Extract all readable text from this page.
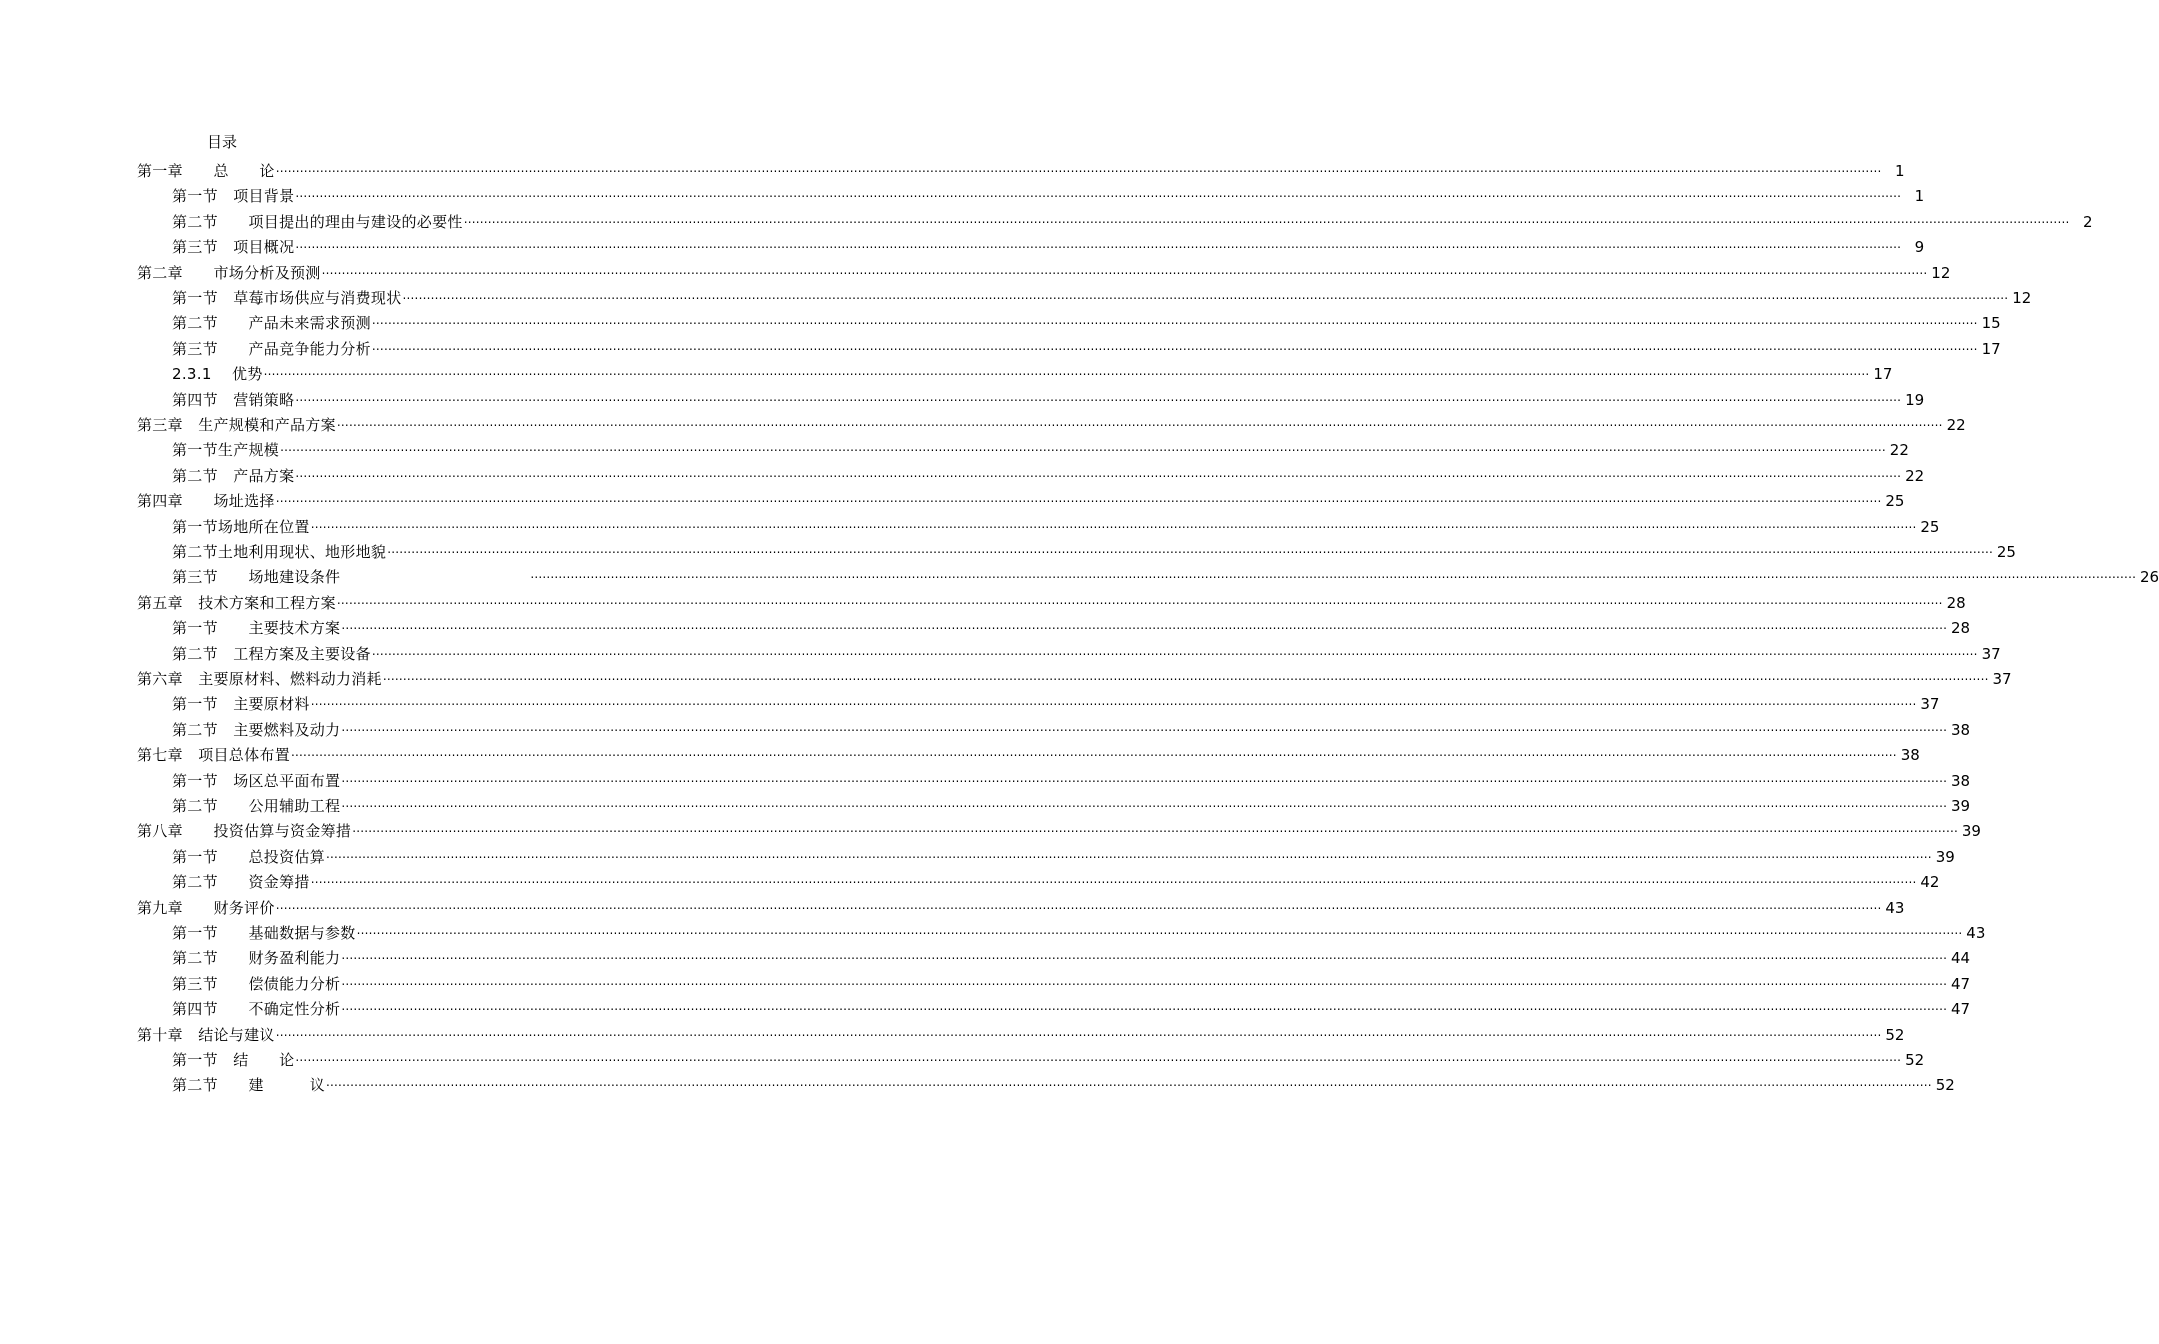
目录
第一章　　总　　论 ................................................................................................................................................................................................................................................................................................................................................................................................................ 1
第一节　项目背景 ................................................................................................................................................................................................................................................................................................................................................................................................................ 1
第二节　　项目提出的理由与建设的必要性 ................................................................................................................................................................................................................................................................................................................................................................................................................ 2
第三节　项目概况 ................................................................................................................................................................................................................................................................................................................................................................................................................ 9
第二章　　市场分析及预测 ................................................................................................................................................................................................................................................................................................................................................................................................................ 12
第一节　草莓市场供应与消费现状 ................................................................................................................................................................................................................................................................................................................................................................................................................ 12
第二节　　产品未来需求预测 ................................................................................................................................................................................................................................................................................................................................................................................................................ 15
第三节　　产品竞争能力分析 ................................................................................................................................................................................................................................................................................................................................................................................................................ 17
2.3.1　 优势 ................................................................................................................................................................................................................................................................................................................................................................................................................ 17
第四节　营销策略 ................................................................................................................................................................................................................................................................................................................................................................................................................ 19
第三章　生产规模和产品方案 ................................................................................................................................................................................................................................................................................................................................................................................................................ 22
第一节生产规模 ................................................................................................................................................................................................................................................................................................................................................................................................................ 22
第二节　产品方案 ................................................................................................................................................................................................................................................................................................................................................................................................................ 22
第四章　　场址选择 ................................................................................................................................................................................................................................................................................................................................................................................................................ 25
第一节场地所在位置 ................................................................................................................................................................................................................................................................................................................................................................................................................ 25
第二节土地利用现状、地形地貌 ................................................................................................................................................................................................................................................................................................................................................................................................................ 25
第三节　　场地建设条件	................................................................................................................................................................................................................................................................................................................................................................................................................ 26
第五章　技术方案和工程方案 ................................................................................................................................................................................................................................................................................................................................................................................................................ 28
第一节　　主要技术方案 ................................................................................................................................................................................................................................................................................................................................................................................................................ 28
第二节　工程方案及主要设备 ................................................................................................................................................................................................................................................................................................................................................................................................................ 37
第六章　主要原材料、燃料动力消耗 ................................................................................................................................................................................................................................................................................................................................................................................................................ 37
第一节　主要原材料 ................................................................................................................................................................................................................................................................................................................................................................................................................ 37
第二节　主要燃料及动力 ................................................................................................................................................................................................................................................................................................................................................................................................................ 38
第七章　项目总体布置 ................................................................................................................................................................................................................................................................................................................................................................................................................ 38
第一节　场区总平面布置 ................................................................................................................................................................................................................................................................................................................................................................................................................ 38
第二节　　公用辅助工程 ................................................................................................................................................................................................................................................................................................................................................................................................................ 39
第八章　　投资估算与资金筹措 ................................................................................................................................................................................................................................................................................................................................................................................................................ 39
第一节　　总投资估算 ................................................................................................................................................................................................................................................................................................................................................................................................................ 39
第二节　　资金筹措 ................................................................................................................................................................................................................................................................................................................................................................................................................ 42
第九章　　财务评价 ................................................................................................................................................................................................................................................................................................................................................................................................................ 43
第一节　　基础数据与参数 ................................................................................................................................................................................................................................................................................................................................................................................................................ 43
第二节　　财务盈利能力 ................................................................................................................................................................................................................................................................................................................................................................................................................ 44
第三节　　偿债能力分析 ................................................................................................................................................................................................................................................................................................................................................................................................................ 47
第四节　　不确定性分析 ................................................................................................................................................................................................................................................................................................................................................................................................................ 47
第十章　结论与建议 ................................................................................................................................................................................................................................................................................................................................................................................................................ 52
第一节　结　　论 ................................................................................................................................................................................................................................................................................................................................................................................................................ 52
第二节　　建　　　议 ................................................................................................................................................................................................................................................................................................................................................................................................................ 52
